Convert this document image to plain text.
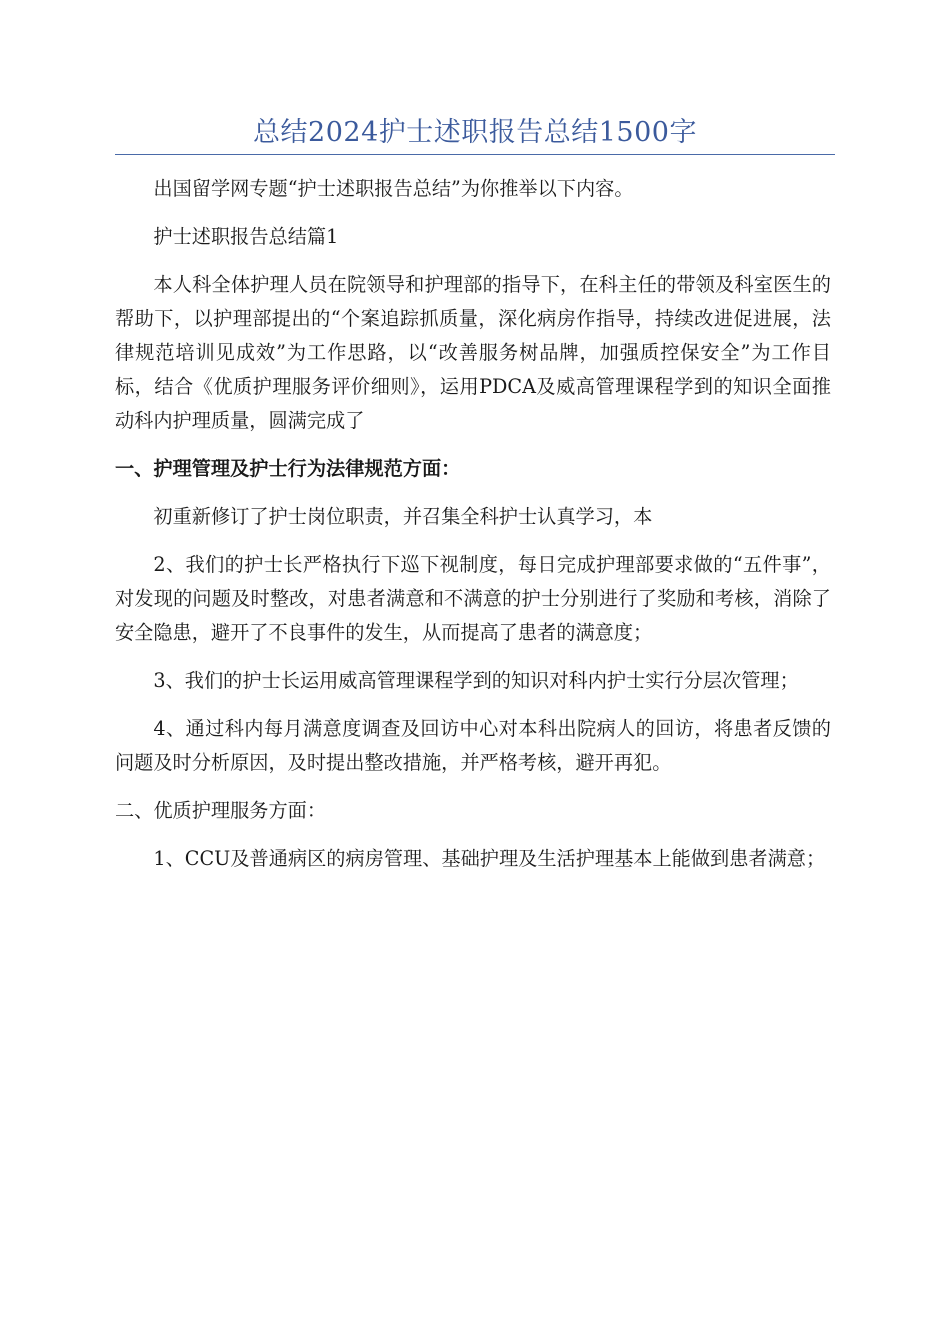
总结2024护士述职报告总结1500字

出国留学网专题“护士述职报告总结”为你推举以下内容。

护士述职报告总结篇1

本人科全体护理人员在院领导和护理部的指导下，在科主任的带领及科室医生的帮助下，以护理部提出的“个案追踪抓质量，深化病房作指导，持续改进促进展，法律规范培训见成效”为工作思路，以“改善服务树品牌，加强质控保安全”为工作目标，结合《优质护理服务评价细则》，运用PDCA及威高管理课程学到的知识全面推动科内护理质量，圆满完成了

一、护理管理及护士行为法律规范方面：

初重新修订了护士岗位职责，并召集全科护士认真学习，本

2、我们的护士长严格执行下巡下视制度，每日完成护理部要求做的“五件事”，对发现的问题及时整改，对患者满意和不满意的护士分别进行了奖励和考核，消除了安全隐患，避开了不良事件的发生，从而提高了患者的满意度；

3、我们的护士长运用威高管理课程学到的知识对科内护士实行分层次管理；

4、通过科内每月满意度调查及回访中心对本科出院病人的回访，将患者反馈的问题及时分析原因，及时提出整改措施，并严格考核，避开再犯。

二、优质护理服务方面：

1、CCU及普通病区的病房管理、基础护理及生活护理基本上能做到患者满意；
